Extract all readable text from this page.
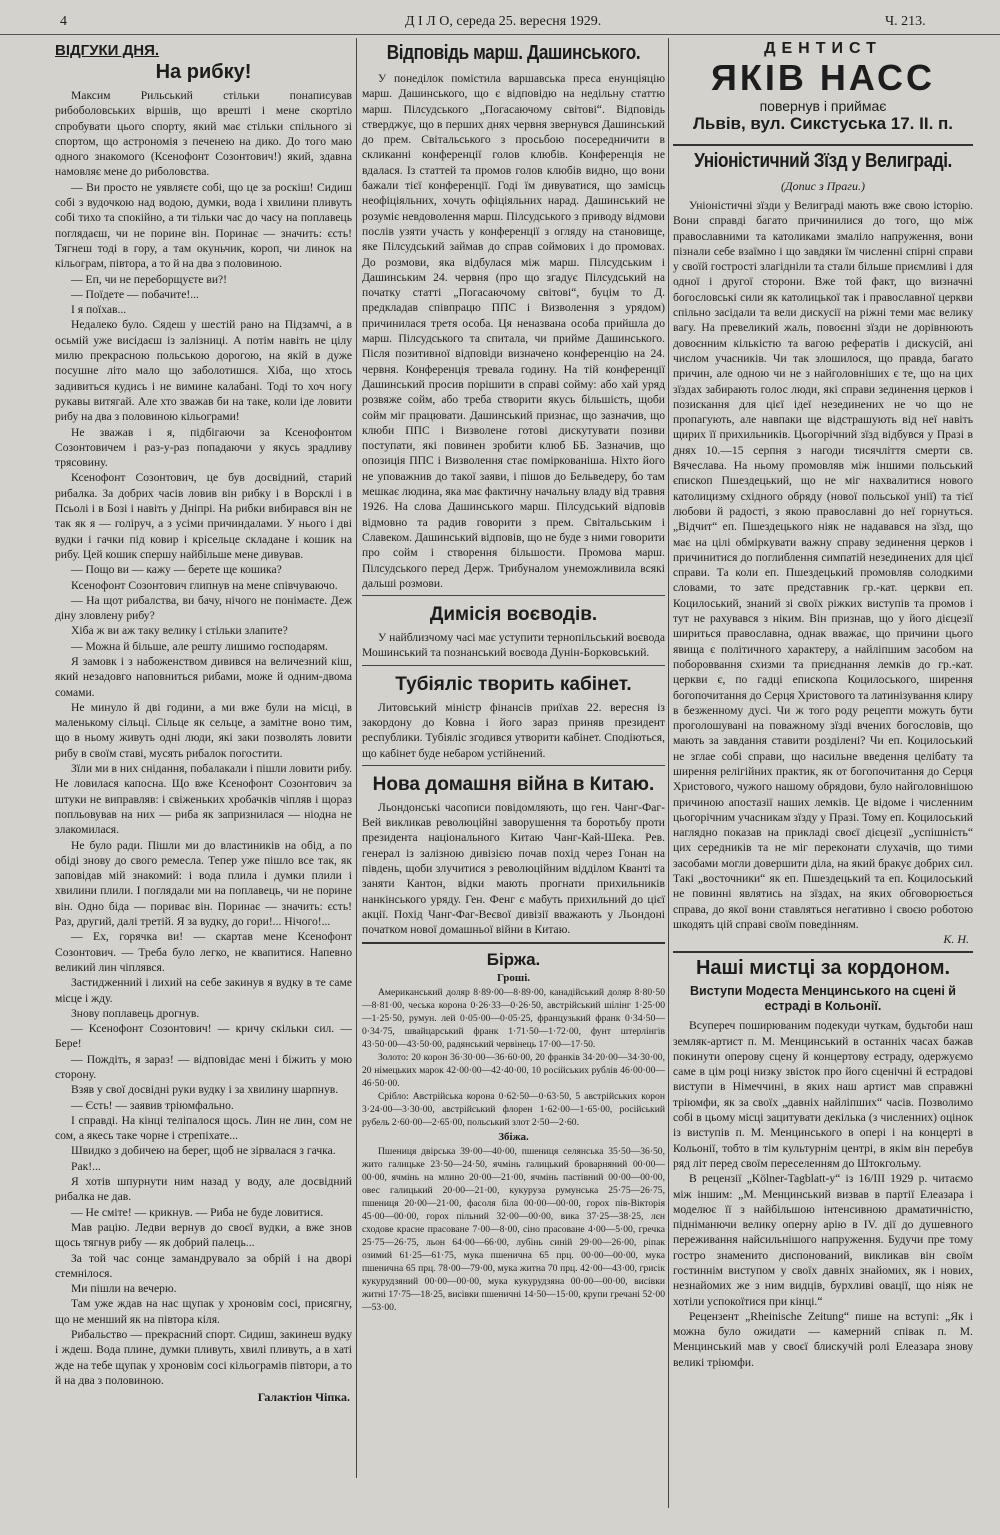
4	Д І Л О, середа 25. вересня 1929.	Ч. 213.
ВІДГУКИ ДНЯ.
На рибку!

Максим Рильський стільки понаписував рибоболовських віршів, що врешті і мене скортіло спробувати цього спорту, який має стільки спільного зі спортом, що астрономія з печенею на дико. До того маю одного знакомого (Ксенофонт Созонтович!) який, здавна намовляє мене до риболовства.

— Ви просто не уявляєте собі, що це за роскіш! Сидиш собі з вудочкою над водою, думки, вода і хвилини пливуть собі тихо та спокійно, а ти тільки час до часу на поплавець поглядаєш, чи не порине він. Поринає — значить: єсть! Тягнеш тоді в гору, а там окуньчик, короп, чи линок на кільограм, півтора, а то й на два з половиною.

— Еп, чи не перебоpщуєте ви?!

— Поїдете — побачите!...

І я поїхав...

Недалеко було. Сядеш у шестій рано на Підзамчі, а в осьмій уже висідаєш із залізниці. А потім навіть не цілу милю прекрасною польською дорогою, на якій в дуже посушне літо мало що заболотишся. Хіба, що хтось задивиться кудись і не вимине калабані. Тоді то хоч ногу рукавы витягай. Але хто зважав би на таке, коли іде ловити рибу на два з половиною кільограми!

Не зважав і я, підбігаючи за Ксенофонтом Созонтовичем і раз-у-раз попадаючи у якусь зрадливу трясовину.

Ксенофонт Созонтович, це був досвідний, старий рибалка. За добрих часів ловив він рибку і в Ворсклі і в Псьолі і в Бозі і навіть у Дніпрі. На рибки вибирався він не так як я — голіруч, а з усіми причиндалами. У нього і дві вудки і гачки під ковир і крісельце складане і кошик на рибу. Цей кошик спершу найбільше мене дивував.

— Пощо ви — кажу — берете ще кошика?

Ксенофонт Созонтович глипнув на мене співчуваючо.

— На щот рибалства, ви бачу, нічого не понімаєте. Деж діну зловлену рибу?

Хіба ж ви аж таку велику і стільки злапите?

— Можна й більше, але решту лишимо господарям.

Я замовк і з набоженством дивився на величезний кіш, який незадовго наповниться рибами, може й одним-двома сомами.

Не минуло й дві години, а ми вже були на місці, в маленькому сільці. Сільце як сельце, а замітне воно тим, що в ньому живуть одні люди, які заки позволять ловити рибу в своїм ставі, мусять рибалок погостити.

Зїли ми в них снідання, побалакали і пішли ловити рибу. Не ловилася капосна. Що вже Ксенофонт Созонтович за штуки не виправляв: і свіженьких хробачків чіпляв і щораз попльовував на них — риба як запризнилася — ніодна не злакомилася.

Не було ради. Пішли ми до властиників на обід, а по обіді знову до свого ремесла. Тепер уже пішло все так, як заповідав мій знакомий: і вода плила і думки плили і хвилини плили. І поглядали ми на поплавець, чи не порине він. Одно біда — пориває він. Поринає — значить: єсть! Раз, другий, далі третій. Я за вудку, до гори!... Нічого!...

— Ех, горячка ви! — скартав мене Ксенофонт Созонтович. — Треба було легко, не квапитися. Напевно великий лин чіплявся.

Застидженний і лихий на себе закинув я вудку в те саме місце і жду.

Знову поплавець дрогнув.

— Ксенофонт Созонтович! — кричу скільки сил. — Бере!

— Пождіть, я зараз! — відповідає мені і біжить у мою сторону.

Взяв у свої досвідні руки вудку і за хвилину шарпнув.

— Єсть! — заявив тріюмфально.

І справді. На кінці теліпалося щось. Лин не лин, сом не сом, а якесь таке чорне і стрепіхате...

Швидко з добичею на берег, щоб не зірвалася з гачка.

Рак!...

Я хотів шпурнути ним назад у воду, але досвідний рибалка не дав.

— Не сміте! — крикнув. — Риба не буде ловитися.

Мав рацію. Ледви вернув до своєї вудки, а вже знов щось тягнув рибу — як добрий палець...

За той час сонце замандрувало за обрій і на дворі стемнілося.

Ми пішли на вечерю.

Там уже ждав на нас щупак у хроновім сосі, присягну, що не менший як на півтора кіля.

Рибальство — прекрасний спорт. Сидиш, закинеш вудку і ждеш. Вода плине, думки пливуть, хвилі пливуть, а в хаті жде на тебе щупак у хроновім сосі кільограмів півтори, а то й на два з половиною.

Галактіон Чіпка.
Відповідь марш. Дашинського.

У понеділок помістила варшавська преса енунціяцію марш. Дашинського, що є відповідю на недільну статтю марш. Пілсудського „Погасаючому світові“. Відповідь стверджує, що в перших днях червня звернувся Дашинський до прем. Світальського з просьбою посередничити в скликанні конференції голов клюбів. Конференція не вдалася. Із статтей та промов голов клюбів видно, що вони бажали тієї конференції. Годі їм дивуватися, що замісць неофіціяльних, хочуть офіціяльних нарад. Дашинський не розуміє невдоволення марш. Пілсудського з приводу відмови послів узяти участь у конференції з огляду на становище, яке Пілсудський займав до справ соймових і до промовах. До розмови, яка відбулася між марш. Пілсудським і Дашинським 24. червня (про що згадує Пілсудський на початку статті „Погасаючому світові“, буцім то Д. предкладав співпрацю ППС і Визволення з урядом) причинилася третя особа. Ця неназвана особа прийшла до марш. Пілсудського та спитала, чи прийме Дашинського. Після позитивної відповіди визначено конференцію на 24. червня. Конференція тревала годину. На тій конференції Дашинський просив порішити в справі сойму: або хай уряд розвяже сойм, або треба створити якусь більшість, щоби сойм міг працювати. Дашинський признає, що зазначив, що клюби ППС і Визволене готові дискутувати позиви поступати, які повинен зробити клюб ББ. Зазначив, що опозиція ППС і Визволення стає поміркованіша. Ніхто його не уповажнив до такої заяви, і пішов до Бельведеру, бо там мешкає людина, яка має фактичну начальну владу від травня 1926. На слова Дашинського марш. Пілсудський відповів відмовно та радив говорити з прем. Світальським і Славеком. Дашинський відповів, що не буде з ними говорити про сойм і створення більшости. Промова марш. Пілсудського перед Держ. Трибуналом унеможливила всякі дальші розмови.

Димісія воєводів.

У найблизчому часі має уступити тернопільський воєвода Мошинський та познанський воєвода Дунін-Борковський.

Тубіяліс творить кабінет.

Литовський міністр фінансів приїхав 22. вересня із закордону до Ковна і його зараз приняв президент республики. Тубіяліс згодився утворити кабінет. Сподіються, що кабінет буде небаром устійнений.

Нова домашня війна в Китаю.

Льондонські часописи повідомляють, що ген. Чанг-Фаг-Вей викликав революційні заворушення та боротьбу проти президента національного Китаю Чанг-Кай-Шека. Рев. генерал із залізною дивізією почав похід через Гонан на південь, щоби злучитися з революційним відділом Кванті та заняти Кантон, відки мають прогнати прихильників нанкінського уряду. Ген. Фенг є мабуть прихильний до цієї акції. Похід Чанг-Фаг-Веєвої дивізії вважають у Льондоні початком нової домашньої війни в Китаю.

Біржа.
Гроші.

Американський доляр 8·89·00—8·89·00, канадійський доляр 8·80·50—8·81·00, чеська корона 0·26·33—0·26·50, австрійський шілінг 1·25·00—1·25·50, румун. лей 0·05·00—0·05·25, французький франк 0·34·50—0·34·75, швайцарський франк 1·71·50—1·72·00, фунт штерлінгів 43·50·00—43·50·00, радянський червінець 17·00—17·50.

Золото: 20 корон 36·30·00—36·60·00, 20 франків 34·20·00—34·30·00, 20 німецьких марок 42·00·00—42·40·00, 10 російських рублів 46·00·00—46·50·00.

Срібло: Австрійська корона 0·62·50—0·63·50, 5 австрійських корон 3·24·00—3·30·00, австрійський флорен 1·62·00—1·65·00, російський рубель 2·60·00—2·65·00, польський злот 2·50—2·60.

Збіжа.

Пшениця двірська 39·00—40·00, пшениця селянська 35·50—36·50, жито галицьке 23·50—24·50, ячмінь галицький броварняний 00·00—00·00, ячмінь на млино 20·00—21·00, ячмінь пастівний 00·00—00·00, овес галицький 20·00—21·00, кукуруза румунська 25·75—26·75, пшениця 20·00—21·00, фасоля біла 00·00—00·00, горох пів-Вікторія 45·00—00·00, горох пільний 32·00—00·00, вика 37·25—38·25, лєн сходове красне прасоване 7·00—8·00, сіно прасоване 4·00—5·00, гречка 25·75—26·75, льон 64·00—66·00, лубінь синій 29·00—26·00, ріпак озимий 61·25—61·75, мука пшенична 65 прц. 00·00—00·00, мука пшенична 65 прц. 78·00—79·00, мука житна 70 прц. 42·00—43·00, грисік кукурудзяний 00·00—00·00, мука кукурудзяна 00·00—00·00, висівки житні 17·75—18·25, висівки пшеничні 14·50—15·00, крупи гречані 52·00—53·00.

ДЕНТИСТ
ЯКІВ НАСС
повернув і приймає
Львів, вул. Сикстуська 17. II. п.
Уніоністичний Зїзд у Велиграді.
(Допис з Праги.)

Уніоністичні зїзди у Велиграді мають вже свою історію. Вони справді багато причинилися до того, що між православними та католиками змаліло напруження, вони пізнали себе взаїмно і що завдяки їм численні спірні справи у своїй гострості злагідніли та стали більше приємливі і для одної і другої сторони. Вже той факт, що визначні богословські сили як католицької так і православної церкви спільно засідали та вели дискусії на ріжні теми має велику вагу. На превеликий жаль, повоєнні зїзди не дорівнюють довоєнним кількістю та вагою рефератів і дискусій, ані числом учасників. Чи так злошилося, що правда, багато причин, але одною чи не з найголовніших є те, що на цих зїздах забирають голос люди, які справи зединення церков і позискання для цієї ідеї незединених не чо що не пропагують, але навпаки ще відстрашують від неї навіть щирих її прихильників. Цьогорічний зїзд відбувся у Празі в днях 10.—15 серпня з нагоди тисячліття смерти св. Вячеслава. На ньому промовляв між іншими польський єпископ Пшездецький, що не міг нахвалитися нового католицизму східного обряду (нової польської унії) та тієї любови й радості, з якою православні до неї горнуться. „Відчит“ еп. Пшездецького ніяк не надавався на зїзд, що має на цілі обміркувати важну справу зединення церков і причинитися до поглиблення симпатій незединених для цієї справи. Та коли еп. Пшездецький промовляв солодкими словами, то затє представник гр.-кат. церкви еп. Коцилоський, знаний зі своїх ріжких виступів та промов і тут не рахувався з ніким. Він признав, що у його дієцезії шириться православна, однак вважає, що причини цього явища є політичного характеру, а найліпшим засобом на побороввання схизми та приєднання лемків до гр.-кат. церкви є, по гадці епископа Коцилоського, ширення богопочитання до Серця Христового та латинізування клиру в безженному дусі. Чи ж того роду рецепти можуть бути проголошувані на поважному зїзді вчених богословів, що мають за завдання ставити розділені? Чи еп. Коцилоський не зглае собі справи, що насильне введення целібату та ширення релігійних практик, як от богопочитання до Серця Христового, чужого нашому обрядови, було найголовнішою причиною апостазії наших лемків. Це відоме і численним цьогорічним учасникам зїзду у Празі. Тому еп. Коцилоський наглядно показав на прикладі своєї дієцезії „успішність“ цих середників та не міг переконати слухачів, що тими засобами могли довершити діла, на який бракує добрих сил. Такі „восточники“ як еп. Пшездецький та еп. Коцилоський не повинні являтись на зїздах, на яких обговорюється справа, до якої вони ставляться негативно і своєю роботою шкодять цій справі своїм поведінням.

К. Н.
Наші мистці за кордоном.
Виступи Модеста Менцинського на сцені й естраді в Кольонії.

Всупереч поширюваним подекуди чуткам, будьтоби наш земляк-артист п. М. Менцинський в останніх часах бажав покинути оперову сцену й концертову естраду, одержуємо саме в цім році низку звісток про його сценічні й естрадові виступи в Німеччині, в яких наш артист мав справжні тріюмфи, як за своїх „давніх найліпших“ часів. Позволимо собі в цьому місці зацитувати декілька (з численних) оцінок із виступів п. М. Менцинського в опері і на концерті в Кольонії, тобто в тім культурнім центрі, в якім він перебув ряд літ перед своїм переселенням до Штокгольму.

В рецензії „Kölner-Tagblatt-у“ із 16/ІІІ 1929 р. читаємо між іншим: „М. Менцинський визвав в партії Елеазара і моделює її з найбільшою інтенсивною драматичністю, підніманючи велику оперну арію в IV. дії до душевного переживання найсильнішого напруження. Будучи пре тому гостро знаменито диспонований, викликав він своїм гостиннім виступом у своїх давніх знайомих, як і нових, незнайомих же з ним видців, бурхливі овації, що ніяк не хотіли успокоїтися при кінці.“

Рецензент „Rheinische Zeitung“ пише на вступі: „Як і можна було ожидати — камерний співак п. М. Менцинський мав у своєї блискучій ролі Елеазара знову великі тріюмфи.
